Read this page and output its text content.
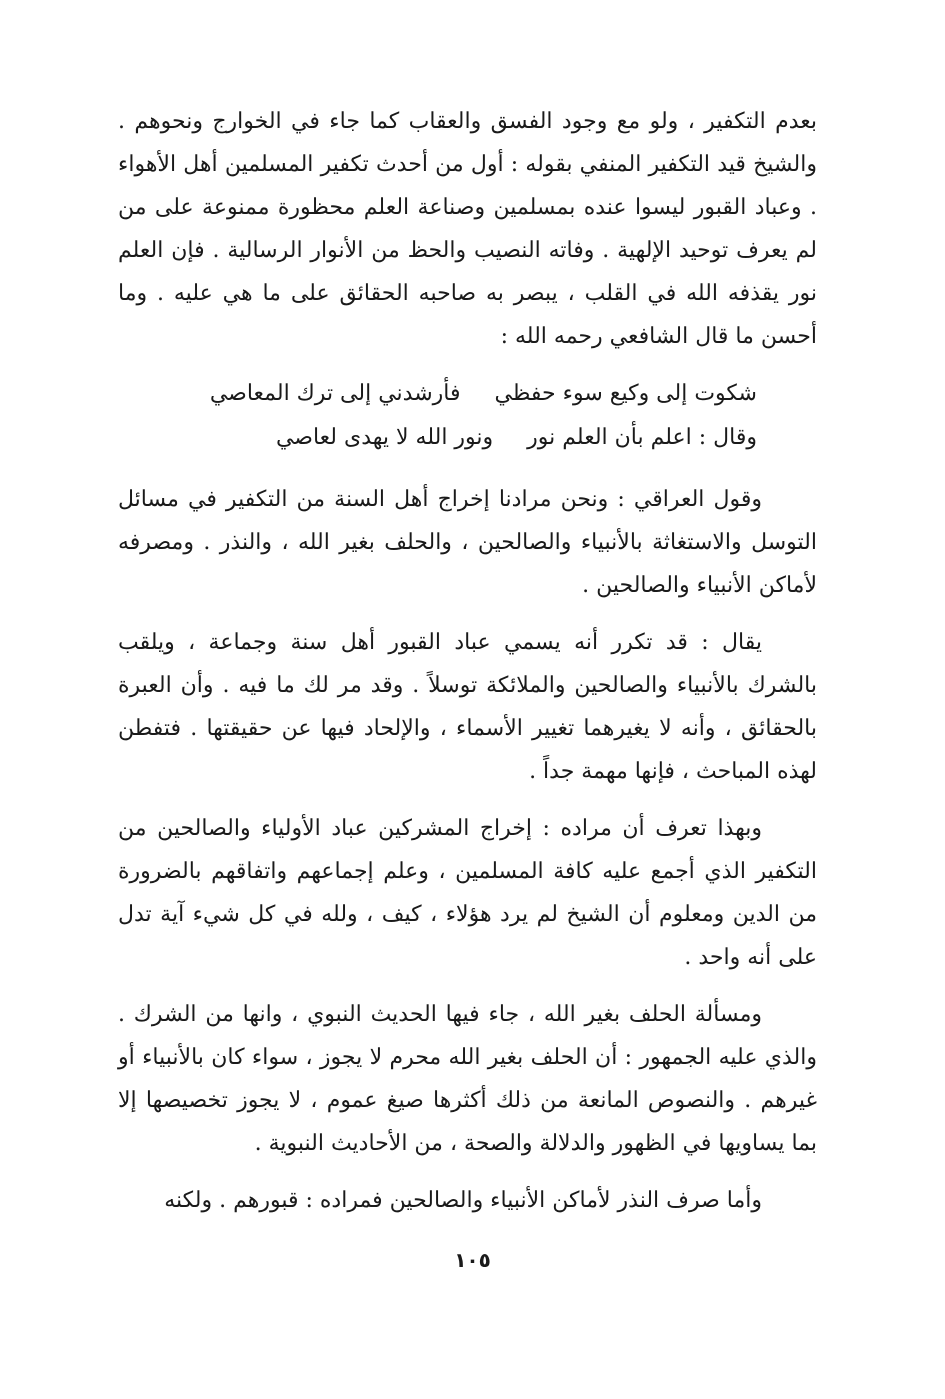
بعدم التكفير ، ولو مع وجود الفسق والعقاب كما جاء في الخوارج ونحوهم . والشيخ قيد التكفير المنفي بقوله : أول من أحدث تكفير المسلمين أهل الأهواء . وعباد القبور ليسوا عنده بمسلمين وصناعة العلم محظورة ممنوعة على من لم يعرف توحيد الإلهية . وفاته النصيب والحظ من الأنوار الرسالية . فإن العلم نور يقذفه الله في القلب ، يبصر به صاحبه الحقائق على ما هي عليه . وما أحسن ما قال الشافعي رحمه الله :

شكوت إلى وكيع سوء حفظي
فأرشدني إلى ترك المعاصي
وقال : اعلم بأن العلم نور
ونور الله لا يهدى لعاصي

وقول العراقي : ونحن مرادنا إخراج أهل السنة من التكفير في مسائل التوسل والاستغاثة بالأنبياء والصالحين ، والحلف بغير الله ، والنذر . ومصرفه لأماكن الأنبياء والصالحين .

يقال : قد تكرر أنه يسمي عباد القبور أهل سنة وجماعة ، ويلقب بالشرك بالأنبياء والصالحين والملائكة توسلاً . وقد مر لك ما فيه . وأن العبرة بالحقائق ، وأنه لا يغيرهما تغيير الأسماء ، والإلحاد فيها عن حقيقتها . فتفطن لهذه المباحث ، فإنها مهمة جداً .

وبهذا تعرف أن مراده : إخراج المشركين عباد الأولياء والصالحين من التكفير الذي أجمع عليه كافة المسلمين ، وعلم إجماعهم واتفاقهم بالضرورة من الدين ومعلوم أن الشيخ لم يرد هؤلاء ، كيف ، ولله في كل شيء آية تدل على أنه واحد .

ومسألة الحلف بغير الله ، جاء فيها الحديث النبوي ، وانها من الشرك . والذي عليه الجمهور : أن الحلف بغير الله محرم لا يجوز ، سواء كان بالأنبياء أو غيرهم . والنصوص المانعة من ذلك أكثرها صيغ عموم ، لا يجوز تخصيصها إلا بما يساويها في الظهور والدلالة والصحة ، من الأحاديث النبوية .

وأما صرف النذر لأماكن الأنبياء والصالحين فمراده : قبورهم . ولكنه

١٠٥
